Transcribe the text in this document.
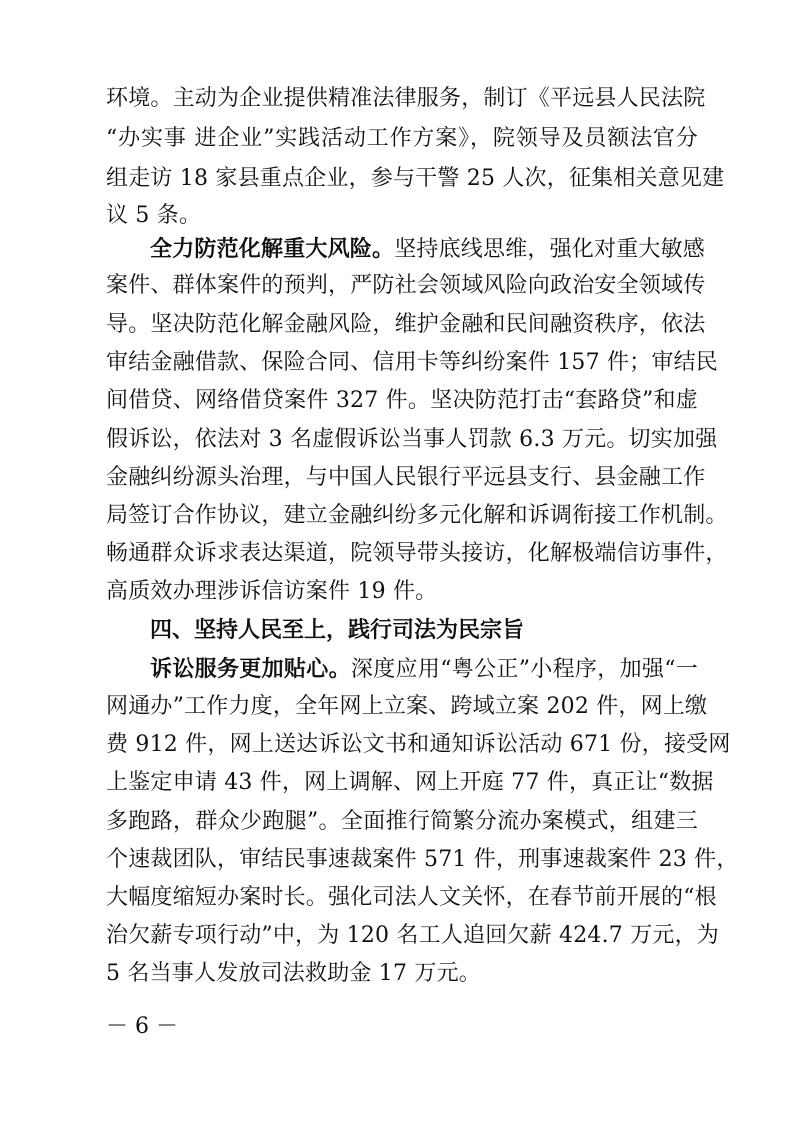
环境。主动为企业提供精准法律服务，制订《平远县人民法院
“办实事 进企业”实践活动工作方案》，院领导及员额法官分
组走访 18 家县重点企业，参与干警 25 人次，征集相关意见建
议 5 条。
全力防范化解重大风险。坚持底线思维，强化对重大敏感
案件、群体案件的预判，严防社会领域风险向政治安全领域传
导。坚决防范化解金融风险，维护金融和民间融资秩序，依法
审结金融借款、保险合同、信用卡等纠纷案件 157 件；审结民
间借贷、网络借贷案件 327 件。坚决防范打击“套路贷”和虚
假诉讼，依法对 3 名虚假诉讼当事人罚款 6.3 万元。切实加强
金融纠纷源头治理，与中国人民银行平远县支行、县金融工作
局签订合作协议，建立金融纠纷多元化解和诉调衔接工作机制。
畅通群众诉求表达渠道，院领导带头接访，化解极端信访事件，
高质效办理涉诉信访案件 19 件。
四、坚持人民至上，践行司法为民宗旨
诉讼服务更加贴心。深度应用“粤公正”小程序，加强“一
网通办”工作力度，全年网上立案、跨域立案 202 件，网上缴
费 912 件，网上送达诉讼文书和通知诉讼活动 671 份，接受网
上鉴定申请 43 件，网上调解、网上开庭 77 件，真正让“数据
多跑路，群众少跑腿”。全面推行简繁分流办案模式，组建三
个速裁团队，审结民事速裁案件 571 件，刑事速裁案件 23 件，
大幅度缩短办案时长。强化司法人文关怀，在春节前开展的“根
治欠薪专项行动”中，为 120 名工人追回欠薪 424.7 万元，为
5 名当事人发放司法救助金 17 万元。
－ 6 －
